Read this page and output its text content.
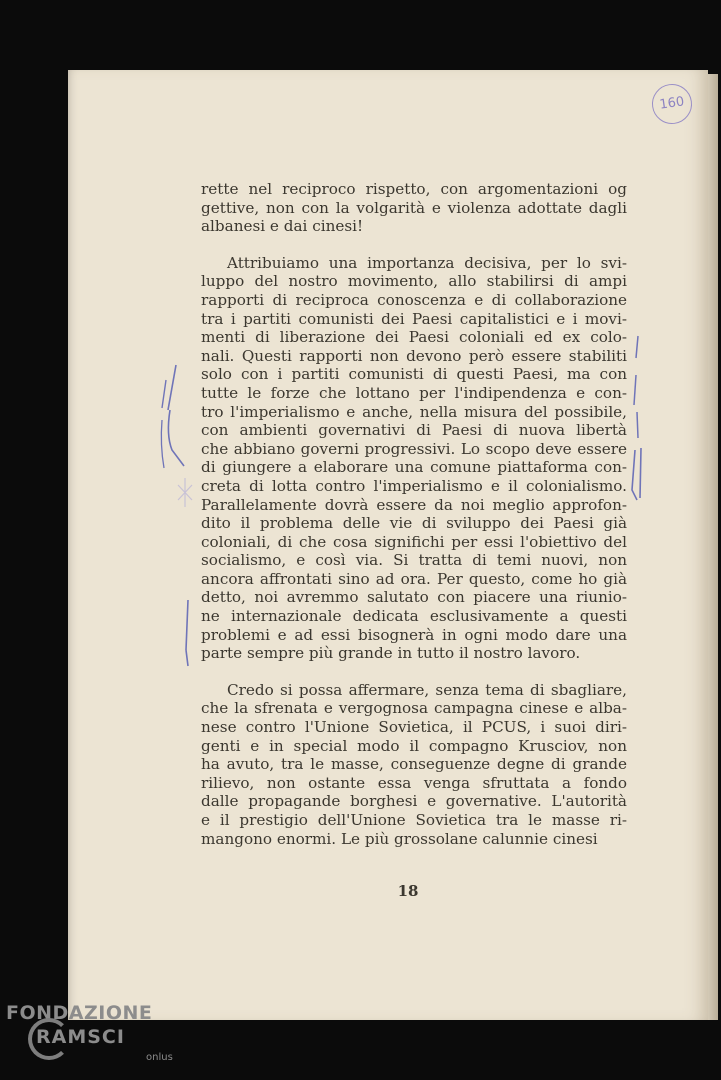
160
rette nel reciproco rispetto, con argomentazioni og
gettive, non con la volgarità e violenza adottate dagli
albanesi e dai cinesi!
Attribuiamo una importanza decisiva, per lo svi-
luppo del nostro movimento, allo stabilirsi di ampi
rapporti di reciproca conoscenza e di collaborazione
tra i partiti comunisti dei Paesi capitalistici e i movi-
menti di liberazione dei Paesi coloniali ed ex colo-
nali. Questi rapporti non devono però essere stabiliti
solo con i partiti comunisti di questi Paesi, ma con
tutte le forze che lottano per l'indipendenza e con-
tro l'imperialismo e anche, nella misura del possibile,
con ambienti governativi di Paesi di nuova libertà
che abbiano governi progressivi. Lo scopo deve essere
di giungere a elaborare una comune piattaforma con-
creta di lotta contro l'imperialismo e il colonialismo.
Parallelamente dovrà essere da noi meglio approfon-
dito il problema delle vie di sviluppo dei Paesi già
coloniali, di che cosa significhi per essi l'obiettivo del
socialismo, e così via. Si tratta di temi nuovi, non
ancora affrontati sino ad ora. Per questo, come ho già
detto, noi avremmo salutato con piacere una riunio-
ne internazionale dedicata esclusivamente a questi
problemi e ad essi bisognerà in ogni modo dare una
parte sempre più grande in tutto il nostro lavoro.
Credo si possa affermare, senza tema di sbagliare,
che la sfrenata e vergognosa campagna cinese e alba-
nese contro l'Unione Sovietica, il PCUS, i suoi diri-
genti e in special modo il compagno Krusciov, non
ha avuto, tra le masse, conseguenze degne di grande
rilievo, non ostante essa venga sfruttata a fondo
dalle propagande borghesi e governative. L'autorità
e il prestigio dell'Unione Sovietica tra le masse ri-
mangono enormi. Le più grossolane calunnie cinesi
18
FONDAZIONE
RAMSCI
onlus
